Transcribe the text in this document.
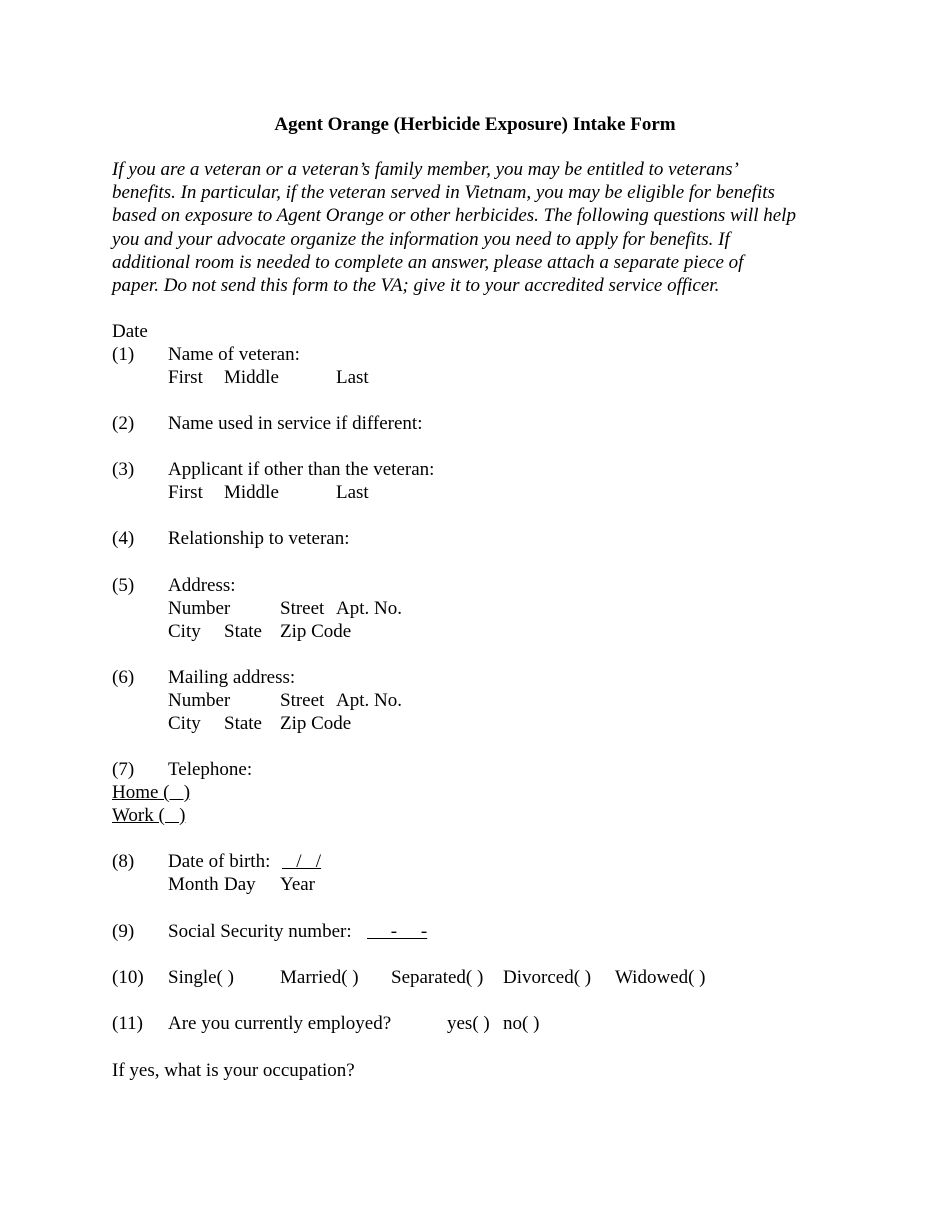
Agent Orange (Herbicide Exposure) Intake Form
If you are a veteran or a veteran’s family member, you may be entitled to veterans’
benefits. In particular, if the veteran served in Vietnam, you may be eligible for benefits
based on exposure to Agent Orange or other herbicides. The following questions will help
you and your advocate organize the information you need to apply for benefits. If
additional room is needed to complete an answer, please attach a separate piece of
paper. Do not send this form to the VA; give it to your accredited service officer.
Date
(1) Name of veteran:
First Middle	Last
(2) Name used in service if different:
(3) Applicant if other than the veteran:
First Middle	Last
(4) Relationship to veteran:
(5) Address:
Number	Street Apt. No.
City State Zip Code
(6) Mailing address:
Number	Street Apt. No.
City State Zip Code
(7) Telephone:
Home (   )
Work (   )
(8) Date of birth: /   /
Month Day Year
(9) Social Security number: -     -
(10) Single( ) Married( ) Separated( ) Divorced( ) Widowed( )
(11) Are you currently employed?	yes( ) no( )
If yes, what is your occupation?
